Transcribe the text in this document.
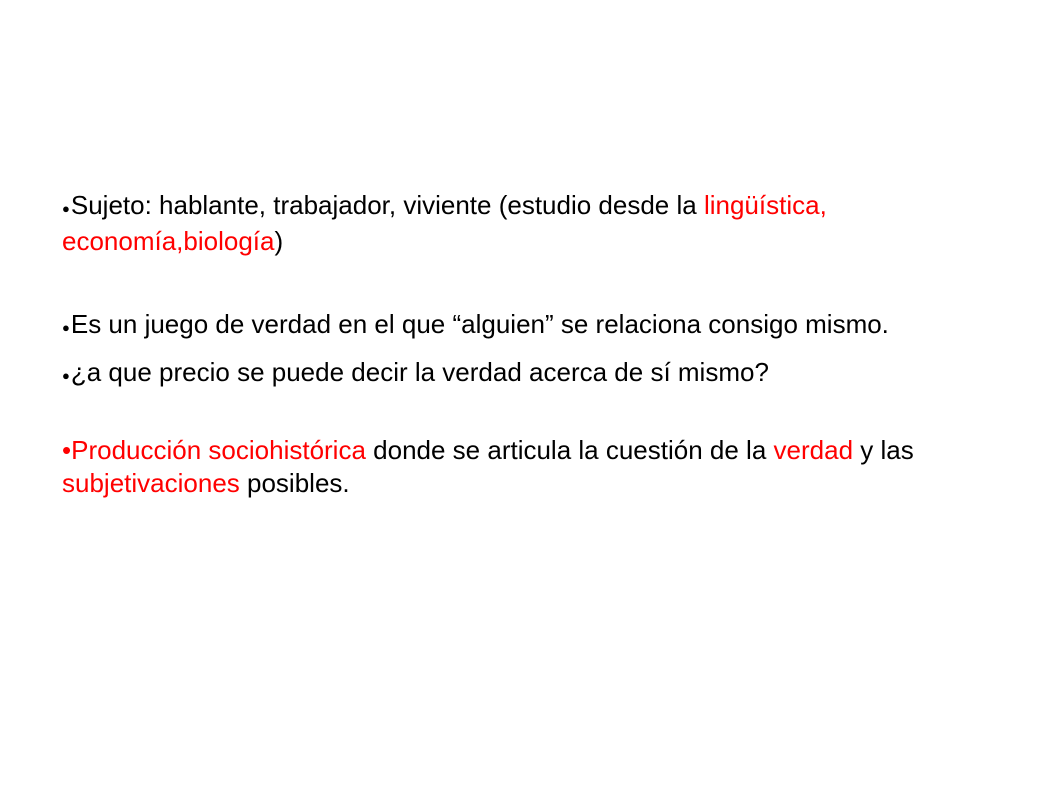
●Sujeto: hablante, trabajador, viviente (estudio desde la lingüística, economía,biología)
●Es un juego de verdad en el que “alguien” se relaciona consigo mismo.
●¿a que precio se puede decir la verdad acerca de sí mismo?
•Producción sociohistórica donde se articula la cuestión de la verdad y las subjetivaciones posibles.
